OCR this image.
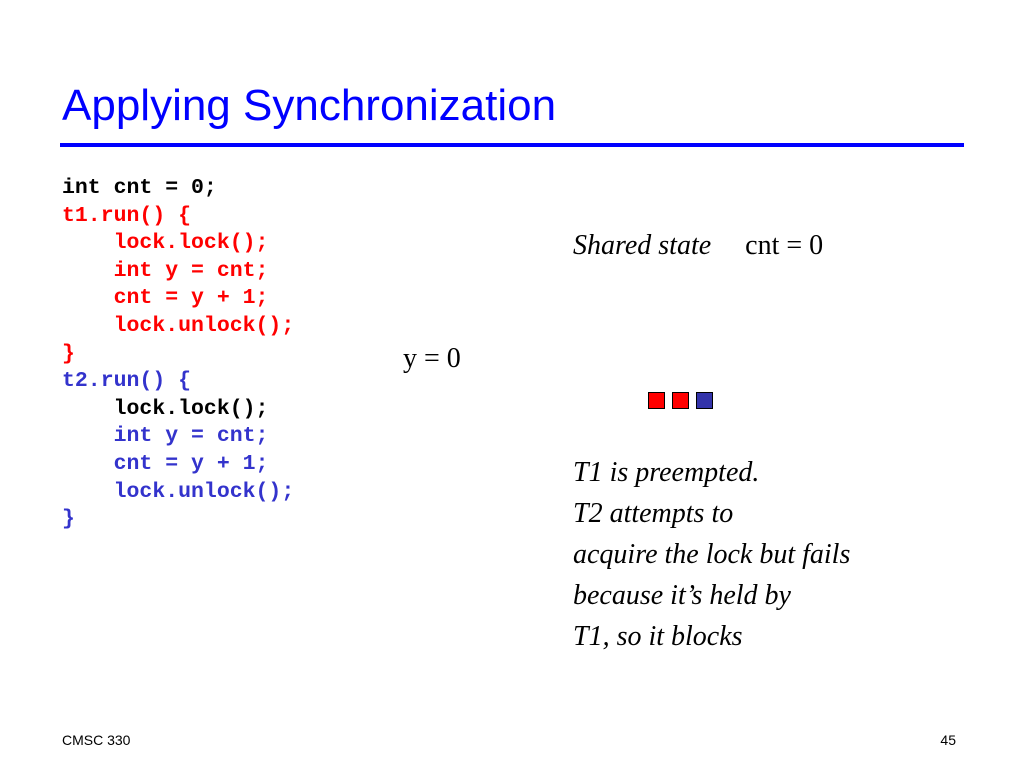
Applying Synchronization
int cnt = 0;
t1.run() {
lock.lock();
int y = cnt;
cnt = y + 1;
lock.unlock();
}
t2.run() {
lock.lock();
int y = cnt;
cnt = y + 1;
lock.unlock();
}
Shared state cnt = 0
y = 0
T1 is preempted.
T2 attempts to
acquire the lock but fails
because it’s held by
T1, so it blocks
CMSC 330	45
